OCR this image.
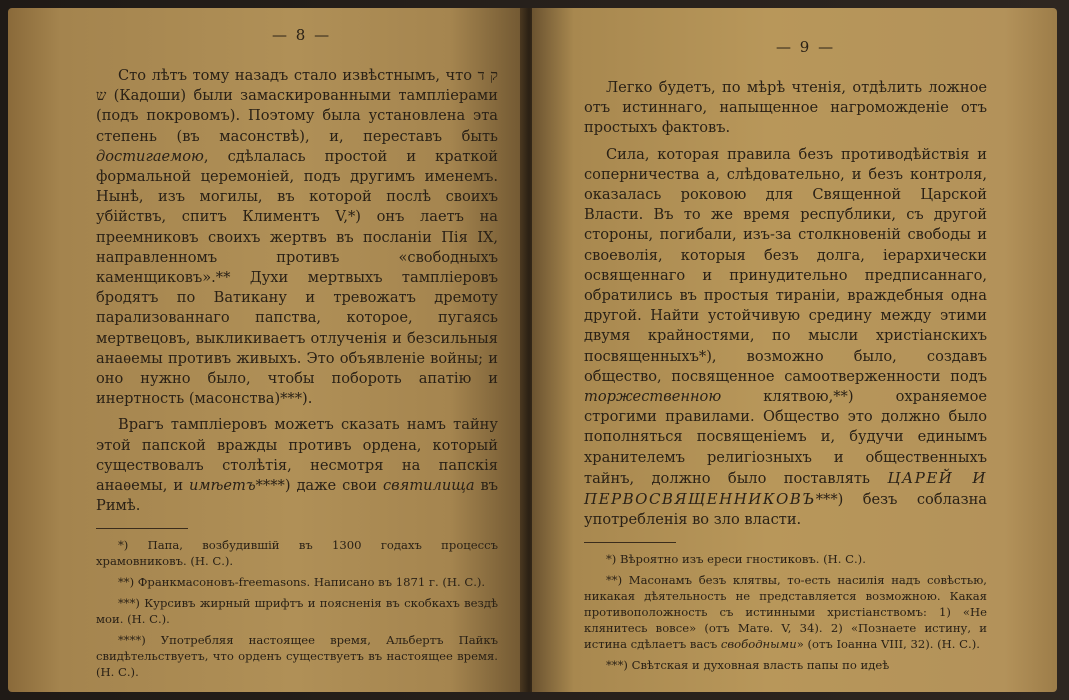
— 8 —

Сто лѣтъ тому назадъ стало извѣстнымъ, что ק ד ש (Кадоши) были замаскированными тампліерами (подъ покровомъ). Поэтому была установлена эта степень (въ масонствѣ), и, переставъ быть достигаемою, сдѣлалась простой и краткой формальной церемоніей, подъ другимъ именемъ. Нынѣ, изъ могилы, въ которой послѣ своихъ убійствъ, спитъ Климентъ V,*) онъ лаетъ на преемниковъ своихъ жертвъ въ посланіи Пія IX, направленномъ противъ «свободныхъ каменщиковъ».** Духи мертвыхъ тампліеровъ бродятъ по Ватикану и тревожатъ дремоту парализованнаго папства, которое, пугаясь мертвецовъ, выкликиваетъ отлученія и безсильныя анаѳемы противъ живыхъ. Это объявленіе войны; и оно нужно было, чтобы побороть апатію и инертность (масонства)***).

Врагъ тампліеровъ можетъ сказать намъ тайну этой папской вражды противъ ордена, который существовалъ столѣтія, несмотря на папскія анаѳемы, и имѣетъ****) даже свои святилища въ Римѣ.

*) Папа, возбудившій въ 1300 годахъ процессъ храмовниковъ. (Н. С.).

**) Франкмасоновъ-freemasons. Написано въ 1871 г. (Н. С.).

***) Курсивъ жирный шрифтъ и поясненія въ скобкахъ вездѣ мои. (Н. С.).

****) Употребляя настоящее время, Альбертъ Пайкъ свидѣтельствуетъ, что орденъ существуетъ въ настоящее время. (Н. С.).

— 9 —

Легко будетъ, по мѣрѣ чтенія, отдѣлить ложное отъ истиннаго, напыщенное нагроможденіе отъ простыхъ фактовъ.

Сила, которая правила безъ противодѣйствія и соперничества а, слѣдовательно, и безъ контроля, оказалась роковою для Священной Царской Власти. Въ то же время республики, съ другой стороны, погибали, изъ-за столкновеній свободы и своеволія, которыя безъ долга, іерархически освященнаго и принудительно предписаннаго, обратились въ простыя тираніи, враждебныя одна другой. Найти устойчивую средину между этими двумя крайностями, по мысли христіанскихъ посвященныхъ*), возможно было, создавъ общество, посвященное самоотверженности подъ торжественною клятвою,**) охраняемое строгими правилами. Общество это должно было пополняться посвященіемъ и, будучи единымъ хранителемъ религіозныхъ и общественныхъ тайнъ, должно было поставлять ЦАРЕЙ И ПЕРВОСВЯЩЕННИКОВЪ***) безъ соблазна употребленія во зло власти.

*) Вѣроятно изъ ереси гностиковъ. (Н. С.).

**) Масонамъ безъ клятвы, то-есть насилія надъ совѣстью, никакая дѣятельность не представляется возможною. Какая противоположность съ истинными христіанствомъ: 1) «Не клянитесь вовсе» (отъ Матѳ. V, 34). 2) «Познаете истину, и истина сдѣлаетъ васъ свободными» (отъ Іоанна VIII, 32). (Н. С.).

***) Свѣтская и духовная власть папы по идеѣ
